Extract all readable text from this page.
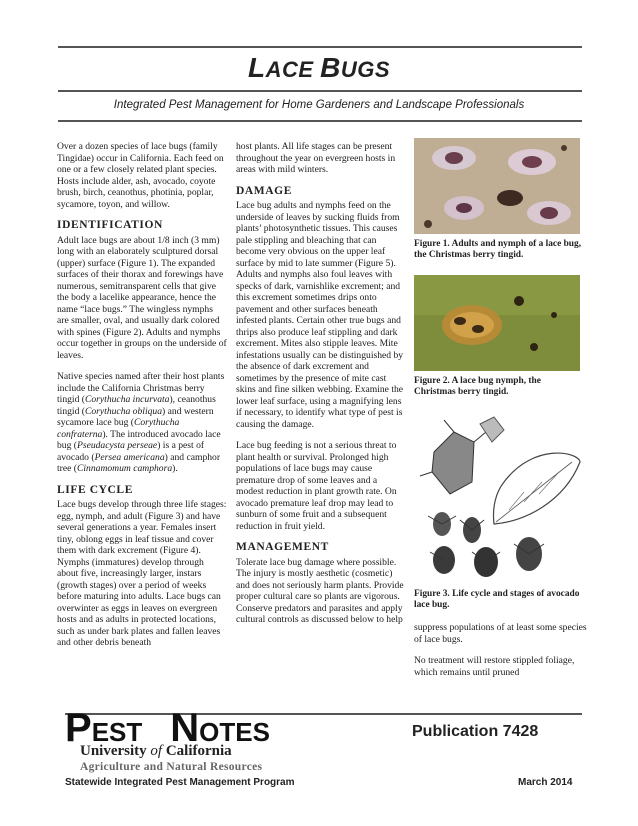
LACE BUGS
Integrated Pest Management for Home Gardeners and Landscape Professionals

Over a dozen species of lace bugs (family Tingidae) occur in California. Each feed on one or a few closely related plant species. Hosts include alder, ash, avocado, coyote brush, birch, ceanothus, photinia, poplar, sycamore, toyon, and willow.

IDENTIFICATION

Adult lace bugs are about 1/8 inch (3 mm) long with an elaborately sculptured dorsal (upper) surface (Figure 1). The expanded surfaces of their thorax and forewings have numerous, semitransparent cells that give the body a lacelike appearance, hence the name “lace bugs.” The wingless nymphs are smaller, oval, and usually dark colored with spines (Figure 2). Adults and nymphs occur together in groups on the underside of leaves.

Native species named after their host plants include the California Christmas berry tingid (Corythucha incurvata), ceanothus tingid (Corythucha obliqua) and western sycamore lace bug (Corythucha confraterna). The introduced avocado lace bug (Pseudacysta perseae) is a pest of avocado (Persea americana) and camphor tree (Cinnamomum camphora).

LIFE CYCLE

Lace bugs develop through three life stages: egg, nymph, and adult (Figure 3) and have several generations a year. Females insert tiny, oblong eggs in leaf tissue and cover them with dark excrement (Figure 4). Nymphs (immatures) develop through about five, increasingly larger, instars (growth stages) over a period of weeks before maturing into adults. Lace bugs can overwinter as eggs in leaves on evergreen hosts and as adults in protected locations, such as under bark plates and fallen leaves and other debris beneath

host plants. All life stages can be present throughout the year on evergreen hosts in areas with mild winters.

DAMAGE

Lace bug adults and nymphs feed on the underside of leaves by sucking fluids from plants’ photosynthetic tissues. This causes pale stippling and bleaching that can become very obvious on the upper leaf surface by mid to late summer (Figure 5). Adults and nymphs also foul leaves with specks of dark, varnishlike excrement; and this excrement sometimes drips onto pavement and other surfaces beneath infested plants. Certain other true bugs and thrips also produce leaf stippling and dark excrement. Mites also stipple leaves. Mite infestations usually can be distinguished by the absence of dark excrement and sometimes by the presence of mite cast skins and fine silken webbing. Examine the lower leaf surface, using a magnifying lens if necessary, to identify what type of pest is causing the damage.

Lace bug feeding is not a serious threat to plant health or survival. Prolonged high populations of lace bugs may cause premature drop of some leaves and a modest reduction in plant growth rate. On avocado premature leaf drop may lead to sunburn of some fruit and a subsequent reduction in fruit yield.

MANAGEMENT

Tolerate lace bug damage where possible. The injury is mostly aesthetic (cosmetic) and does not seriously harm plants. Provide proper cultural care so plants are vigorous. Conserve predators and parasites and apply cultural controls as discussed below to help

Figure 1. Adults and nymph of a lace bug, the Christmas berry tingid.
Figure 2. A lace bug nymph, the Christmas berry tingid.
Figure 3. Life cycle and stages of avocado lace bug.

suppress populations of at least some species of lace bugs.

No treatment will restore stippled foliage, which remains until pruned

PEST NOTES	Publication 7428
University of California
Agriculture and Natural Resources
Statewide Integrated Pest Management Program	March 2014
